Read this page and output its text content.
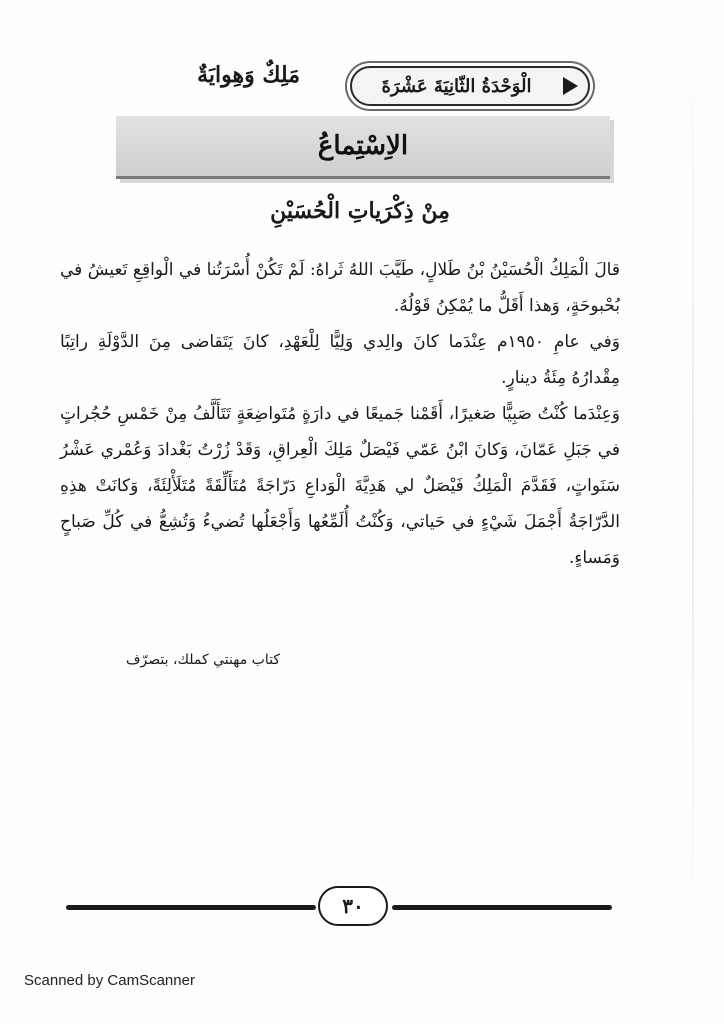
الْوَحْدَةُ الثّانِيَةَ عَشْرَةَ
مَلِكٌ وَهِوايَةٌ
الاِسْتِماعُ
مِنْ ذِكْرَياتِ الْحُسَيْنِ

قالَ الْمَلِكُ الْحُسَيْنُ بْنُ طَلالٍ، طَيَّبَ اللهُ ثَراهُ: لَمْ تَكُنْ أُسْرَتُنا في الْواقِعِ تَعيشُ في بُحْبوحَةٍ، وَهذا أَقَلُّ ما يُمْكِنُ قَوْلُهُ.

وَفي عامِ ١٩٥٠م عِنْدَما كانَ والِدي وَلِيًّا لِلْعَهْدِ، كانَ يَتَقاضى مِنَ الدَّوْلَةِ راتِبًا مِقْدارُهُ مِئَةُ دينارٍ.

وَعِنْدَما كُنْتُ صَبِيًّا صَغيرًا، أَقَمْنا جَميعًا في دارَةٍ مُتَواضِعَةٍ تَتَأَلَّفُ مِنْ خَمْسِ حُجُراتٍ في جَبَلِ عَمّانَ، وَكانَ ابْنُ عَمّي فَيْصَلٌ مَلِكَ الْعِراقِ، وَقَدْ زُرْتُ بَغْدادَ وَعُمْري عَشْرُ سَنَواتٍ، فَقَدَّمَ الْمَلِكُ فَيْصَلٌ لي هَدِيَّةَ الْوَداعِ دَرّاجَةً مُتَأَلِّقَةً مُتَلَأْلِئَةً، وَكانَتْ هذِهِ الدَّرّاجَةُ أَجْمَلَ شَيْءٍ في حَياتي، وَكُنْتُ أُلَمِّعُها وَأَجْعَلُها تُضيءُ وَتُشِعُّ في كُلِّ صَباحٍ وَمَساءٍ.

كتاب مهنتي كملك، بتصرّف
٣٠
Scanned by CamScanner
